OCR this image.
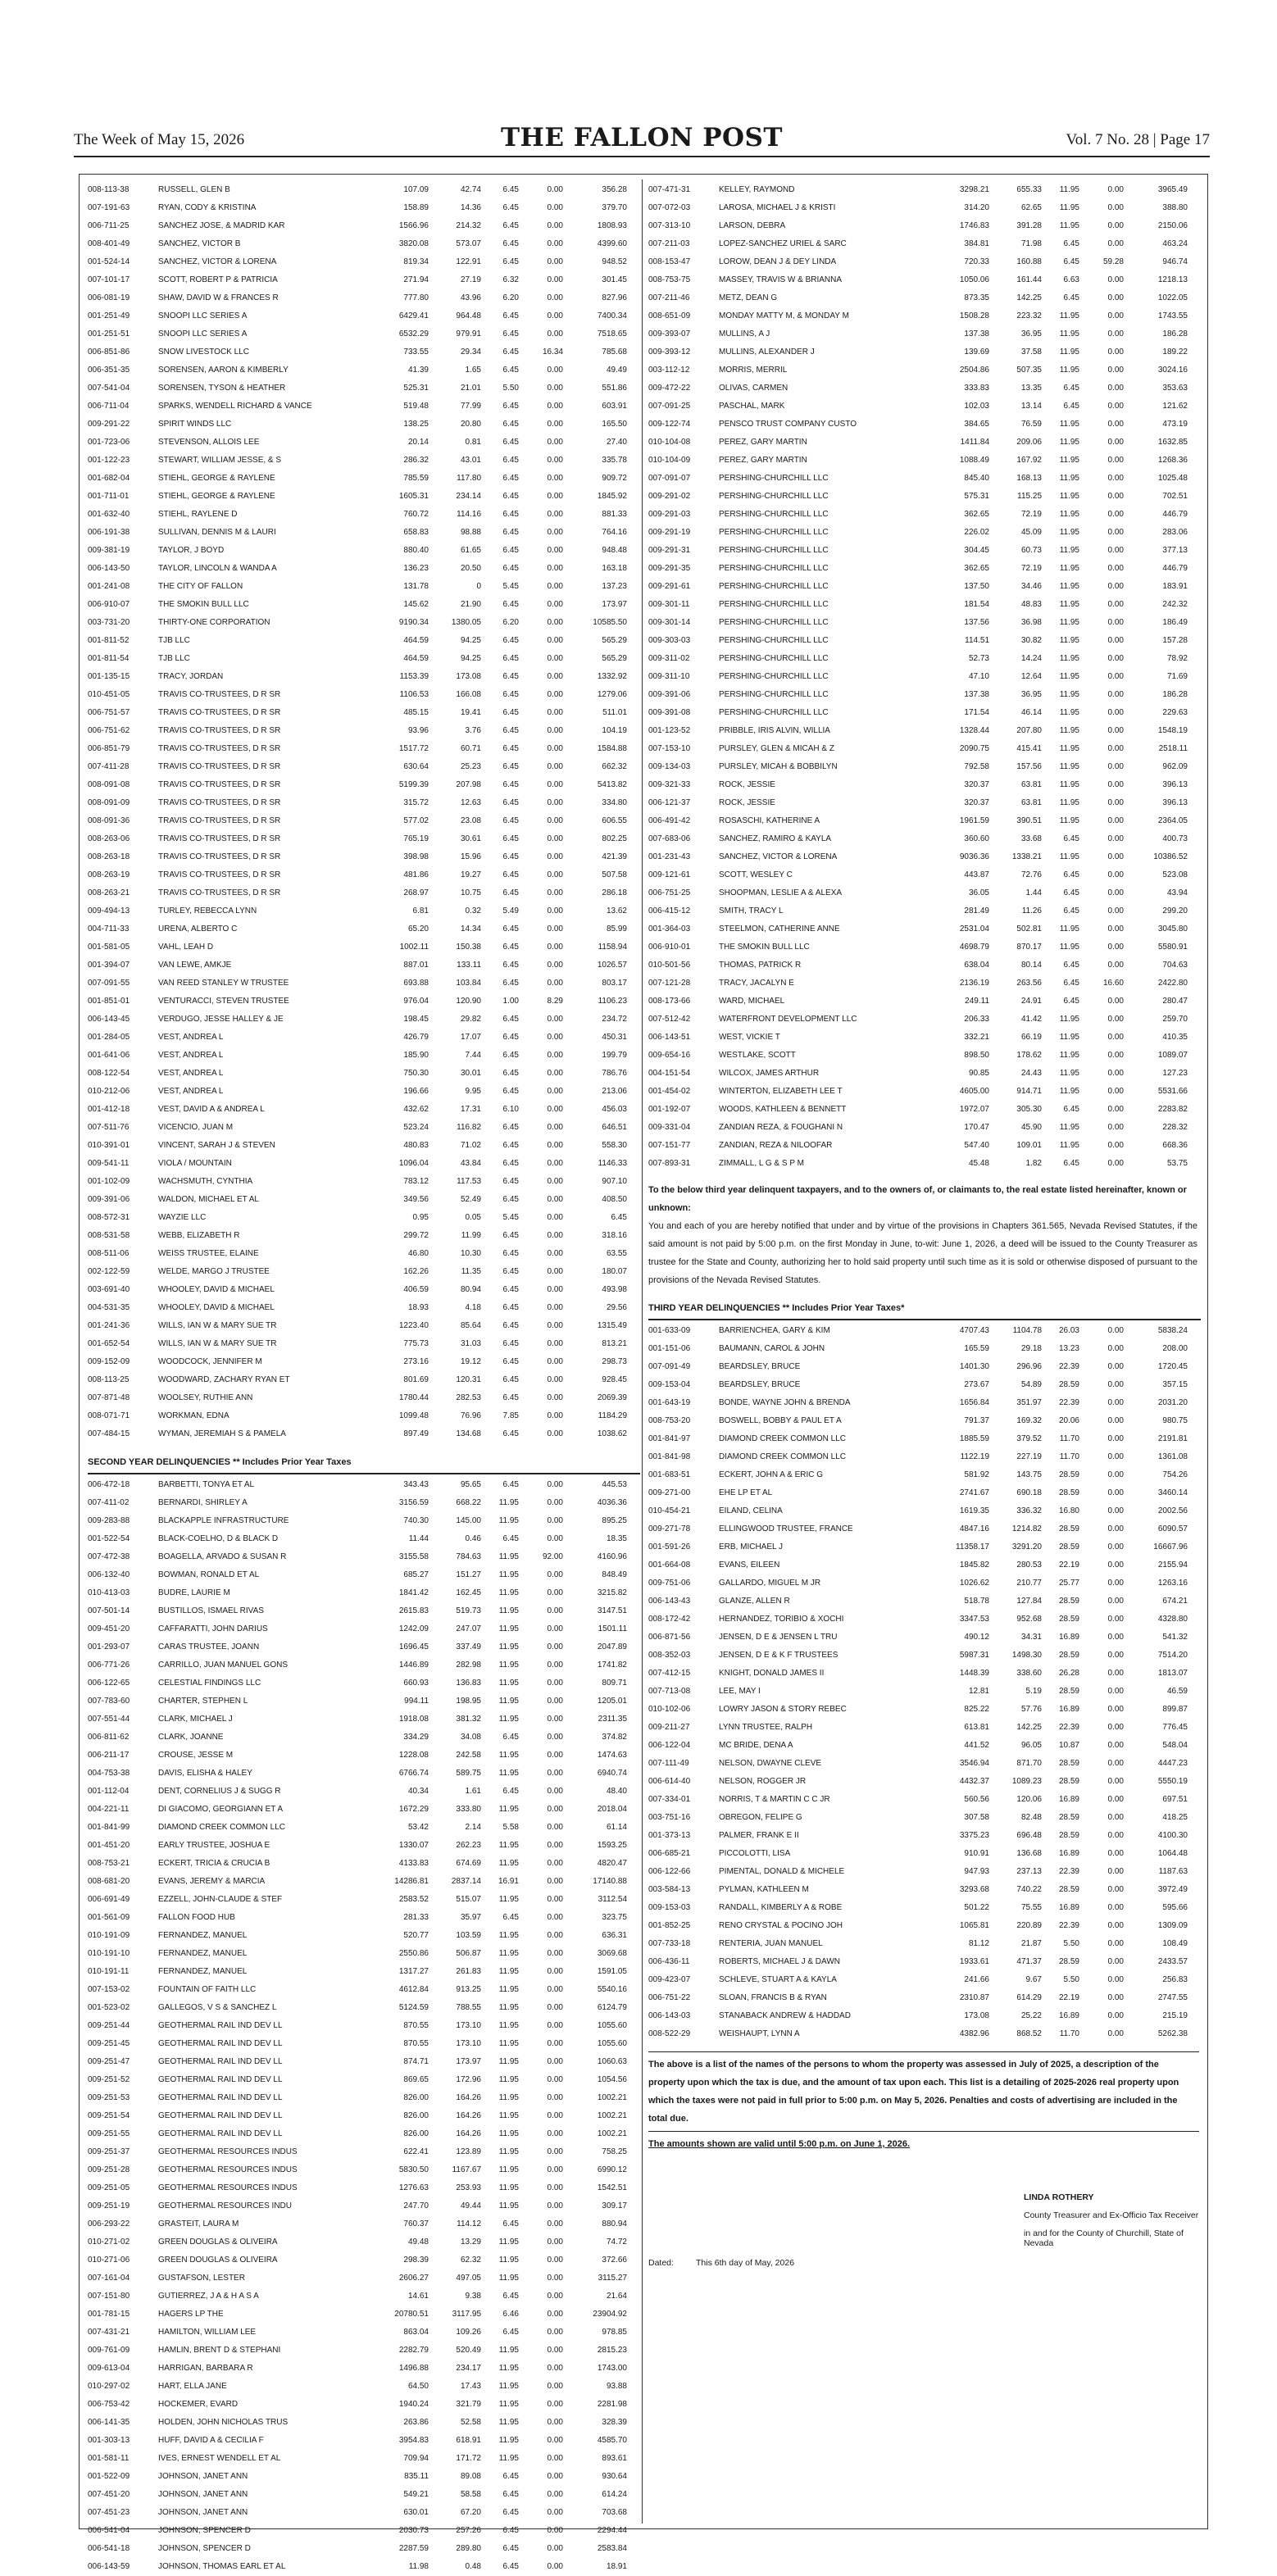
The Week of May 15, 2026	THE FALLON POST	Vol. 7 No. 28 | Page 17
008-113-38	RUSSELL, GLEN B	107.09	42.74	6.45	0.00	356.28
007-191-63	RYAN, CODY & KRISTINA	158.89	14.36	6.45	0.00	379.70
006-711-25	SANCHEZ JOSE, & MADRID KAR	1566.96	214.32	6.45	0.00	1808.93
008-401-49	SANCHEZ, VICTOR B	3820.08	573.07	6.45	0.00	4399.60
001-524-14	SANCHEZ, VICTOR & LORENA	819.34	122.91	6.45	0.00	948.52
007-101-17	SCOTT, ROBERT P & PATRICIA	271.94	27.19	6.32	0.00	301.45
006-081-19	SHAW, DAVID W & FRANCES R	777.80	43.96	6.20	0.00	827.96
001-251-49	SNOOPI LLC SERIES A	6429.41	964.48	6.45	0.00	7400.34
001-251-51	SNOOPI LLC SERIES A	6532.29	979.91	6.45	0.00	7518.65
006-851-86	SNOW LIVESTOCK LLC	733.55	29.34	6.45	16.34	785.68
006-351-35	SORENSEN, AARON & KIMBERLY	41.39	1.65	6.45	0.00	49.49
007-541-04	SORENSEN, TYSON & HEATHER	525.31	21.01	5.50	0.00	551.86
006-711-04	SPARKS, WENDELL RICHARD & VANCE	519.48	77.99	6.45	0.00	603.91
009-291-22	SPIRIT WINDS LLC	138.25	20.80	6.45	0.00	165.50
001-723-06	STEVENSON, ALLOIS LEE	20.14	0.81	6.45	0.00	27.40
001-122-23	STEWART, WILLIAM JESSE, & S	286.32	43.01	6.45	0.00	335.78
001-682-04	STIEHL, GEORGE & RAYLENE	785.59	117.80	6.45	0.00	909.72
001-711-01	STIEHL, GEORGE & RAYLENE	1605.31	234.14	6.45	0.00	1845.92
001-632-40	STIEHL, RAYLENE D	760.72	114.16	6.45	0.00	881.33
006-191-38	SULLIVAN, DENNIS M & LAURI	658.83	98.88	6.45	0.00	764.16
009-381-19	TAYLOR, J BOYD	880.40	61.65	6.45	0.00	948.48
006-143-50	TAYLOR, LINCOLN & WANDA A	136.23	20.50	6.45	0.00	163.18
001-241-08	THE CITY OF FALLON	131.78	0	5.45	0.00	137.23
006-910-07	THE SMOKIN BULL LLC	145.62	21.90	6.45	0.00	173.97
003-731-20	THIRTY-ONE CORPORATION	9190.34	1380.05	6.20	0.00	10585.50
001-811-52	TJB LLC	464.59	94.25	6.45	0.00	565.29
001-811-54	TJB LLC	464.59	94.25	6.45	0.00	565.29
001-135-15	TRACY, JORDAN	1153.39	173.08	6.45	0.00	1332.92
010-451-05	TRAVIS CO-TRUSTEES, D R SR	1106.53	166.08	6.45	0.00	1279.06
006-751-57	TRAVIS CO-TRUSTEES, D R SR	485.15	19.41	6.45	0.00	511.01
006-751-62	TRAVIS CO-TRUSTEES, D R SR	93.96	3.76	6.45	0.00	104.19
006-851-79	TRAVIS CO-TRUSTEES, D R SR	1517.72	60.71	6.45	0.00	1584.88
007-411-28	TRAVIS CO-TRUSTEES, D R SR	630.64	25.23	6.45	0.00	662.32
008-091-08	TRAVIS CO-TRUSTEES, D R SR	5199.39	207.98	6.45	0.00	5413.82
008-091-09	TRAVIS CO-TRUSTEES, D R SR	315.72	12.63	6.45	0.00	334.80
008-091-36	TRAVIS CO-TRUSTEES, D R SR	577.02	23.08	6.45	0.00	606.55
008-263-06	TRAVIS CO-TRUSTEES, D R SR	765.19	30.61	6.45	0.00	802.25
008-263-18	TRAVIS CO-TRUSTEES, D R SR	398.98	15.96	6.45	0.00	421.39
008-263-19	TRAVIS CO-TRUSTEES, D R SR	481.86	19.27	6.45	0.00	507.58
008-263-21	TRAVIS CO-TRUSTEES, D R SR	268.97	10.75	6.45	0.00	286.18
009-494-13	TURLEY, REBECCA LYNN	6.81	0.32	5.49	0.00	13.62
004-711-33	URENA, ALBERTO C	65.20	14.34	6.45	0.00	85.99
001-581-05	VAHL, LEAH D	1002.11	150.38	6.45	0.00	1158.94
001-394-07	VAN LEWE, AMKJE	887.01	133.11	6.45	0.00	1026.57
007-091-55	VAN REED STANLEY W TRUSTEE	693.88	103.84	6.45	0.00	803.17
001-851-01	VENTURACCI, STEVEN TRUSTEE	976.04	120.90	1.00	8.29	1106.23
006-143-45	VERDUGO, JESSE HALLEY & JE	198.45	29.82	6.45	0.00	234.72
001-284-05	VEST, ANDREA L	426.79	17.07	6.45	0.00	450.31
001-641-06	VEST, ANDREA L	185.90	7.44	6.45	0.00	199.79
008-122-54	VEST, ANDREA L	750.30	30.01	6.45	0.00	786.76
010-212-06	VEST, ANDREA L	196.66	9.95	6.45	0.00	213.06
001-412-18	VEST, DAVID A & ANDREA L	432.62	17.31	6.10	0.00	456.03
007-511-76	VICENCIO, JUAN M	523.24	116.82	6.45	0.00	646.51
010-391-01	VINCENT, SARAH J & STEVEN	480.83	71.02	6.45	0.00	558.30
009-541-11	VIOLA / MOUNTAIN	1096.04	43.84	6.45	0.00	1146.33
001-102-09	WACHSMUTH, CYNTHIA	783.12	117.53	6.45	0.00	907.10
009-391-06	WALDON, MICHAEL ET AL	349.56	52.49	6.45	0.00	408.50
008-572-31	WAYZIE LLC	0.95	0.05	5.45	0.00	6.45
008-531-58	WEBB, ELIZABETH R	299.72	11.99	6.45	0.00	318.16
008-511-06	WEISS TRUSTEE, ELAINE	46.80	10.30	6.45	0.00	63.55
002-122-59	WELDE, MARGO J TRUSTEE	162.26	11.35	6.45	0.00	180.07
003-691-40	WHOOLEY, DAVID & MICHAEL	406.59	80.94	6.45	0.00	493.98
004-531-35	WHOOLEY, DAVID & MICHAEL	18.93	4.18	6.45	0.00	29.56
001-241-36	WILLS, IAN W & MARY SUE TR	1223.40	85.64	6.45	0.00	1315.49
001-652-54	WILLS, IAN W & MARY SUE TR	775.73	31.03	6.45	0.00	813.21
009-152-09	WOODCOCK, JENNIFER M	273.16	19.12	6.45	0.00	298.73
008-113-25	WOODWARD, ZACHARY RYAN ET	801.69	120.31	6.45	0.00	928.45
007-871-48	WOOLSEY, RUTHIE ANN	1780.44	282.53	6.45	0.00	2069.39
008-071-71	WORKMAN, EDNA	1099.48	76.96	7.85	0.00	1184.29
007-484-15	WYMAN, JEREMIAH S & PAMELA	897.49	134.68	6.45	0.00	1038.62
SECOND YEAR DELINQUENCIES ** Includes Prior Year Taxes
006-472-18	BARBETTI, TONYA ET AL	343.43	95.65	6.45	0.00	445.53
007-411-02	BERNARDI, SHIRLEY A	3156.59	668.22	11.95	0.00	4036.36
009-283-88	BLACKAPPLE INFRASTRUCTURE	740.30	145.00	11.95	0.00	895.25
001-522-54	BLACK-COELHO, D & BLACK D	11.44	0.46	6.45	0.00	18.35
007-472-38	BOAGELLA, ARVADO & SUSAN R	3155.58	784.63	11.95	92.00	4160.96
006-132-40	BOWMAN, RONALD ET AL	685.27	151.27	11.95	0.00	848.49
010-413-03	BUDRE, LAURIE M	1841.42	162.45	11.95	0.00	3215.82
007-501-14	BUSTILLOS, ISMAEL RIVAS	2615.83	519.73	11.95	0.00	3147.51
009-451-20	CAFFARATTI, JOHN DARIUS	1242.09	247.07	11.95	0.00	1501.11
001-293-07	CARAS TRUSTEE, JOANN	1696.45	337.49	11.95	0.00	2047.89
006-771-26	CARRILLO, JUAN MANUEL GONS	1446.89	282.98	11.95	0.00	1741.82
006-122-65	CELESTIAL FINDINGS LLC	660.93	136.83	11.95	0.00	809.71
007-783-60	CHARTER, STEPHEN L	994.11	198.95	11.95	0.00	1205.01
007-551-44	CLARK, MICHAEL J	1918.08	381.32	11.95	0.00	2311.35
006-811-62	CLARK, JOANNE	334.29	34.08	6.45	0.00	374.82
006-211-17	CROUSE, JESSE M	1228.08	242.58	11.95	0.00	1474.63
004-753-38	DAVIS, ELISHA & HALEY	6766.74	589.75	11.95	0.00	6940.74
001-112-04	DENT, CORNELIUS J & SUGG R	40.34	1.61	6.45	0.00	48.40
004-221-11	DI GIACOMO, GEORGIANN ET A	1672.29	333.80	11.95	0.00	2018.04
001-841-99	DIAMOND CREEK COMMON LLC	53.42	2.14	5.58	0.00	61.14
001-451-20	EARLY TRUSTEE, JOSHUA E	1330.07	262.23	11.95	0.00	1593.25
008-753-21	ECKERT, TRICIA & CRUCIA B	4133.83	674.69	11.95	0.00	4820.47
008-681-20	EVANS, JEREMY & MARCIA	14286.81	2837.14	16.91	0.00	17140.88
006-691-49	EZZELL, JOHN-CLAUDE & STEF	2583.52	515.07	11.95	0.00	3112.54
001-561-09	FALLON FOOD HUB	281.33	35.97	6.45	0.00	323.75
010-191-09	FERNANDEZ, MANUEL	520.77	103.59	11.95	0.00	636.31
010-191-10	FERNANDEZ, MANUEL	2550.86	506.87	11.95	0.00	3069.68
010-191-11	FERNANDEZ, MANUEL	1317.27	261.83	11.95	0.00	1591.05
007-153-02	FOUNTAIN OF FAITH LLC	4612.84	913.25	11.95	0.00	5540.16
001-523-02	GALLEGOS, V S & SANCHEZ L	5124.59	788.55	11.95	0.00	6124.79
009-251-44	GEOTHERMAL RAIL IND DEV LL	870.55	173.10	11.95	0.00	1055.60
009-251-45	GEOTHERMAL RAIL IND DEV LL	870.55	173.10	11.95	0.00	1055.60
009-251-47	GEOTHERMAL RAIL IND DEV LL	874.71	173.97	11.95	0.00	1060.63
009-251-52	GEOTHERMAL RAIL IND DEV LL	869.65	172.96	11.95	0.00	1054.56
009-251-53	GEOTHERMAL RAIL IND DEV LL	826.00	164.26	11.95	0.00	1002.21
009-251-54	GEOTHERMAL RAIL IND DEV LL	826.00	164.26	11.95	0.00	1002.21
009-251-55	GEOTHERMAL RAIL IND DEV LL	826.00	164.26	11.95	0.00	1002.21
009-251-37	GEOTHERMAL RESOURCES INDUS	622.41	123.89	11.95	0.00	758.25
009-251-28	GEOTHERMAL RESOURCES INDUS	5830.50	1167.67	11.95	0.00	6990.12
009-251-05	GEOTHERMAL RESOURCES INDUS	1276.63	253.93	11.95	0.00	1542.51
009-251-19	GEOTHERMAL RESOURCES INDU	247.70	49.44	11.95	0.00	309.17
006-293-22	GRASTEIT, LAURA M	760.37	114.12	6.45	0.00	880.94
010-271-02	GREEN DOUGLAS & OLIVEIRA	49.48	13.29	11.95	0.00	74.72
010-271-06	GREEN DOUGLAS & OLIVEIRA	298.39	62.32	11.95	0.00	372.66
007-161-04	GUSTAFSON, LESTER	2606.27	497.05	11.95	0.00	3115.27
007-151-80	GUTIERREZ, J A & H A S A	14.61	9.38	6.45	0.00	21.64
001-781-15	HAGERS LP THE	20780.51	3117.95	6.46	0.00	23904.92
007-431-21	HAMILTON, WILLIAM LEE	863.04	109.26	6.45	0.00	978.85
009-761-09	HAMLIN, BRENT D & STEPHANI	2282.79	520.49	11.95	0.00	2815.23
009-613-04	HARRIGAN, BARBARA R	1496.88	234.17	11.95	0.00	1743.00
010-297-02	HART, ELLA JANE	64.50	17.43	11.95	0.00	93.88
006-753-42	HOCKEMER, EVARD	1940.24	321.79	11.95	0.00	2281.98
006-141-35	HOLDEN, JOHN NICHOLAS TRUS	263.86	52.58	11.95	0.00	328.39
001-303-13	HUFF, DAVID A & CECILIA F	3954.83	618.91	11.95	0.00	4585.70
001-581-11	IVES, ERNEST WENDELL ET AL	709.94	171.72	11.95	0.00	893.61
001-522-09	JOHNSON, JANET ANN	835.11	89.08	6.45	0.00	930.64
007-451-20	JOHNSON, JANET ANN	549.21	58.58	6.45	0.00	614.24
007-451-23	JOHNSON, JANET ANN	630.01	67.20	6.45	0.00	703.68
006-541-04	JOHNSON, SPENCER D	2030.73	257.26	6.45	0.00	2294.44
006-541-18	JOHNSON, SPENCER D	2287.59	289.80	6.45	0.00	2583.84
006-143-59	JOHNSON, THOMAS EARL ET AL	11.98	0.48	6.45	0.00	18.91
007-471-31	KELLEY, RAYMOND	3298.21	655.33	11.95	0.00	3965.49
007-072-03	LAROSA, MICHAEL J & KRISTI	314.20	62.65	11.95	0.00	388.80
007-313-10	LARSON, DEBRA	1746.83	391.28	11.95	0.00	2150.06
007-211-03	LOPEZ-SANCHEZ URIEL & SARC	384.81	71.98	6.45	0.00	463.24
008-153-47	LOROW, DEAN J & DEY LINDA	720.33	160.88	6.45	59.28	946.74
008-753-75	MASSEY, TRAVIS W & BRIANNA	1050.06	161.44	6.63	0.00	1218.13
007-211-46	METZ, DEAN G	873.35	142.25	6.45	0.00	1022.05
008-651-09	MONDAY MATTY M, & MONDAY M	1508.28	223.32	11.95	0.00	1743.55
009-393-07	MULLINS, A J	137.38	36.95	11.95	0.00	186.28
009-393-12	MULLINS, ALEXANDER J	139.69	37.58	11.95	0.00	189.22
003-112-12	MORRIS, MERRIL	2504.86	507.35	11.95	0.00	3024.16
009-472-22	OLIVAS, CARMEN	333.83	13.35	6.45	0.00	353.63
007-091-25	PASCHAL, MARK	102.03	13.14	6.45	0.00	121.62
009-122-74	PENSCO TRUST COMPANY CUSTO	384.65	76.59	11.95	0.00	473.19
010-104-08	PEREZ, GARY MARTIN	1411.84	209.06	11.95	0.00	1632.85
010-104-09	PEREZ, GARY MARTIN	1088.49	167.92	11.95	0.00	1268.36
007-091-07	PERSHING-CHURCHILL LLC	845.40	168.13	11.95	0.00	1025.48
009-291-02	PERSHING-CHURCHILL LLC	575.31	115.25	11.95	0.00	702.51
009-291-03	PERSHING-CHURCHILL LLC	362.65	72.19	11.95	0.00	446.79
009-291-19	PERSHING-CHURCHILL LLC	226.02	45.09	11.95	0.00	283.06
009-291-31	PERSHING-CHURCHILL LLC	304.45	60.73	11.95	0.00	377.13
009-291-35	PERSHING-CHURCHILL LLC	362.65	72.19	11.95	0.00	446.79
009-291-61	PERSHING-CHURCHILL LLC	137.50	34.46	11.95	0.00	183.91
009-301-11	PERSHING-CHURCHILL LLC	181.54	48.83	11.95	0.00	242.32
009-301-14	PERSHING-CHURCHILL LLC	137.56	36.98	11.95	0.00	186.49
009-303-03	PERSHING-CHURCHILL LLC	114.51	30.82	11.95	0.00	157.28
009-311-02	PERSHING-CHURCHILL LLC	52.73	14.24	11.95	0.00	78.92
009-311-10	PERSHING-CHURCHILL LLC	47.10	12.64	11.95	0.00	71.69
009-391-06	PERSHING-CHURCHILL LLC	137.38	36.95	11.95	0.00	186.28
009-391-08	PERSHING-CHURCHILL LLC	171.54	46.14	11.95	0.00	229.63
001-123-52	PRIBBLE, IRIS ALVIN, WILLIA	1328.44	207.80	11.95	0.00	1548.19
007-153-10	PURSLEY, GLEN & MICAH & Z	2090.75	415.41	11.95	0.00	2518.11
009-134-03	PURSLEY, MICAH & BOBBILYN	792.58	157.56	11.95	0.00	962.09
009-321-33	ROCK, JESSIE	320.37	63.81	11.95	0.00	396.13
006-121-37	ROCK, JESSIE	320.37	63.81	11.95	0.00	396.13
006-491-42	ROSASCHI, KATHERINE A	1961.59	390.51	11.95	0.00	2364.05
007-683-06	SANCHEZ, RAMIRO & KAYLA	360.60	33.68	6.45	0.00	400.73
001-231-43	SANCHEZ, VICTOR & LORENA	9036.36	1338.21	11.95	0.00	10386.52
009-121-61	SCOTT, WESLEY C	443.87	72.76	6.45	0.00	523.08
006-751-25	SHOOPMAN, LESLIE A & ALEXA	36.05	1.44	6.45	0.00	43.94
006-415-12	SMITH, TRACY L	281.49	11.26	6.45	0.00	299.20
001-364-03	STEELMON, CATHERINE ANNE	2531.04	502.81	11.95	0.00	3045.80
006-910-01	THE SMOKIN BULL LLC	4698.79	870.17	11.95	0.00	5580.91
010-501-56	THOMAS, PATRICK R	638.04	80.14	6.45	0.00	704.63
007-121-28	TRACY, JACALYN E	2136.19	263.56	6.45	16.60	2422.80
008-173-66	WARD, MICHAEL	249.11	24.91	6.45	0.00	280.47
007-512-42	WATERFRONT DEVELOPMENT LLC	206.33	41.42	11.95	0.00	259.70
006-143-51	WEST, VICKIE T	332.21	66.19	11.95	0.00	410.35
009-654-16	WESTLAKE, SCOTT	898.50	178.62	11.95	0.00	1089.07
004-151-54	WILCOX, JAMES ARTHUR	90.85	24.43	11.95	0.00	127.23
001-454-02	WINTERTON, ELIZABETH LEE T	4605.00	914.71	11.95	0.00	5531.66
001-192-07	WOODS, KATHLEEN & BENNETT	1972.07	305.30	6.45	0.00	2283.82
009-331-04	ZANDIAN REZA, & FOUGHANI N	170.47	45.90	11.95	0.00	228.32
007-151-77	ZANDIAN, REZA & NILOOFAR	547.40	109.01	11.95	0.00	668.36
007-893-31	ZIMMALL, L G & S P M	45.48	1.82	6.45	0.00	53.75
To the below third year delinquent taxpayers, and to the owners of, or claimants to, the real estate listed hereinafter, known or unknown:
You and each of you are hereby notified that under and by virtue of the provisions in Chapters 361.565, Nevada Revised Statutes, if the said amount is not paid by 5:00 p.m. on the first Monday in June, to-wit: June 1, 2026, a deed will be issued to the County Treasurer as trustee for the State and County, authorizing her to hold said property until such time as it is sold or otherwise disposed of pursuant to the provisions of the Nevada Revised Statutes.
THIRD YEAR DELINQUENCIES ** Includes Prior Year Taxes*
001-633-09	BARRIENCHEA, GARY & KIM	4707.43	1104.78	26.03	0.00	5838.24
001-151-06	BAUMANN, CAROL & JOHN	165.59	29.18	13.23	0.00	208.00
007-091-49	BEARDSLEY, BRUCE	1401.30	296.96	22.39	0.00	1720.45
009-153-04	BEARDSLEY, BRUCE	273.67	54.89	28.59	0.00	357.15
001-643-19	BONDE, WAYNE JOHN & BRENDA	1656.84	351.97	22.39	0.00	2031.20
008-753-20	BOSWELL, BOBBY & PAUL ET A	791.37	169.32	20.06	0.00	980.75
001-841-97	DIAMOND CREEK COMMON LLC	1885.59	379.52	11.70	0.00	2191.81
001-841-98	DIAMOND CREEK COMMON LLC	1122.19	227.19	11.70	0.00	1361.08
001-683-51	ECKERT, JOHN A & ERIC G	581.92	143.75	28.59	0.00	754.26
009-271-00	EHE LP ET AL	2741.67	690.18	28.59	0.00	3460.14
010-454-21	EILAND, CELINA	1619.35	336.32	16.80	0.00	2002.56
009-271-78	ELLINGWOOD TRUSTEE, FRANCE	4847.16	1214.82	28.59	0.00	6090.57
001-591-26	ERB, MICHAEL J	11358.17	3291.20	28.59	0.00	16667.96
001-664-08	EVANS, EILEEN	1845.82	280.53	22.19	0.00	2155.94
009-751-06	GALLARDO, MIGUEL M JR	1026.62	210.77	25.77	0.00	1263.16
006-143-43	GLANZE, ALLEN R	518.78	127.84	28.59	0.00	674.21
008-172-42	HERNANDEZ, TORIBIO & XOCHI	3347.53	952.68	28.59	0.00	4328.80
006-871-56	JENSEN, D E & JENSEN L TRU	490.12	34.31	16.89	0.00	541.32
008-352-03	JENSEN, D E & K F TRUSTEES	5987.31	1498.30	28.59	0.00	7514.20
007-412-15	KNIGHT, DONALD JAMES II	1448.39	338.60	26.28	0.00	1813.07
007-713-08	LEE, MAY I	12.81	5.19	28.59	0.00	46.59
010-102-06	LOWRY JASON & STORY REBEC	825.22	57.76	16.89	0.00	899.87
009-211-27	LYNN TRUSTEE, RALPH	613.81	142.25	22.39	0.00	776.45
006-122-04	MC BRIDE, DENA A	441.52	96.05	10.87	0.00	548.04
007-111-49	NELSON, DWAYNE CLEVE	3546.94	871.70	28.59	0.00	4447.23
006-614-40	NELSON, ROGGER JR	4432.37	1089.23	28.59	0.00	5550.19
007-334-01	NORRIS, T & MARTIN C C JR	560.56	120.06	16.89	0.00	697.51
003-751-16	OBREGON, FELIPE G	307.58	82.48	28.59	0.00	418.25
001-373-13	PALMER, FRANK E II	3375.23	696.48	28.59	0.00	4100.30
006-685-21	PICCOLOTTI, LISA	910.91	136.68	16.89	0.00	1064.48
006-122-66	PIMENTAL, DONALD & MICHELE	947.93	237.13	22.39	0.00	1187.63
003-584-13	PYLMAN, KATHLEEN M	3293.68	740.22	28.59	0.00	3972.49
009-153-03	RANDALL, KIMBERLY A & ROBE	501.22	75.55	16.89	0.00	595.66
001-852-25	RENO CRYSTAL & POCINO JOH	1065.81	220.89	22.39	0.00	1309.09
007-733-18	RENTERIA, JUAN MANUEL	81.12	21.87	5.50	0.00	108.49
006-436-11	ROBERTS, MICHAEL J & DAWN	1933.61	471.37	28.59	0.00	2433.57
009-423-07	SCHLEVE, STUART A & KAYLA	241.66	9.67	5.50	0.00	256.83
006-751-22	SLOAN, FRANCIS B & RYAN	2310.87	614.29	22.19	0.00	2747.55
006-143-03	STANABACK ANDREW & HADDAD	173.08	25.22	16.89	0.00	215.19
008-522-29	WEISHAUPT, LYNN A	4382.96	868.52	11.70	0.00	5262.38
The above is a list of the names of the persons to whom the property was assessed in July of 2025, a description of the property upon which the tax is due, and the amount of tax upon each. This list is a detailing of 2025-2026 real property upon which the taxes were not paid in full prior to 5:00 p.m. on May 5, 2026. Penalties and costs of advertising are included in the total due.
The amounts shown are valid until 5:00 p.m. on June 1, 2026.
LINDA ROTHERY
County Treasurer and Ex-Officio Tax Receiver
in and for the County of Churchill, State of Nevada
Dated:	This 6th day of May, 2026
